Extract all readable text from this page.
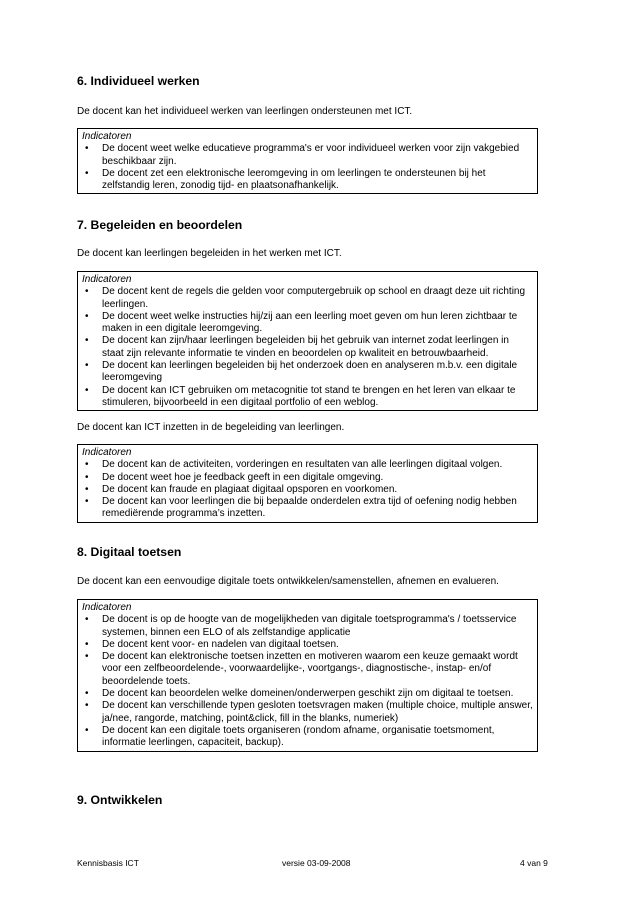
6. Individueel werken

De docent kan het individueel werken van leerlingen ondersteunen met ICT.

Indicatoren

• De docent weet welke educatieve programma's er voor individueel werken voor zijn vakgebied beschikbaar zijn.
• De docent zet een elektronische leeromgeving in om leerlingen te ondersteunen bij het zelfstandig leren, zonodig tijd- en plaatsonafhankelijk.
7. Begeleiden en beoordelen

De docent kan leerlingen begeleiden in het werken met ICT.

Indicatoren

• De docent kent de regels die gelden voor computergebruik op school en draagt deze uit richting leerlingen.
• De docent weet welke instructies hij/zij aan een leerling moet geven om hun leren zichtbaar te maken in een digitale leeromgeving.
• De docent kan zijn/haar leerlingen begeleiden bij het gebruik van internet zodat leerlingen in staat zijn relevante informatie te vinden en beoordelen op kwaliteit en betrouwbaarheid.
• De docent kan leerlingen begeleiden bij het onderzoek doen en analyseren m.b.v. een digitale leeromgeving
• De docent kan ICT gebruiken om metacognitie tot stand te brengen en het leren van elkaar te stimuleren, bijvoorbeeld in een digitaal portfolio of een weblog.

De docent kan ICT inzetten in de begeleiding van leerlingen.

Indicatoren

• De docent kan de activiteiten, vorderingen en resultaten van alle leerlingen digitaal volgen.
• De docent weet hoe je feedback geeft in een digitale omgeving.
• De docent kan fraude en plagiaat digitaal opsporen en voorkomen.
• De docent kan voor leerlingen die bij bepaalde onderdelen extra tijd of oefening nodig hebben remediërende programma’s inzetten.
8. Digitaal toetsen

De docent kan een eenvoudige digitale toets ontwikkelen/samenstellen, afnemen en evalueren.

Indicatoren

• De docent is op de hoogte van de mogelijkheden van digitale toetsprogramma's / toetsservice systemen, binnen een ELO of als zelfstandige applicatie
• De docent kent voor- en nadelen van digitaal toetsen.
• De docent kan elektronische toetsen inzetten en motiveren waarom een keuze gemaakt wordt voor een zelfbeoordelende-, voorwaardelijke-, voortgangs-, diagnostische-, instap- en/of beoordelende toets.
• De docent kan beoordelen welke domeinen/onderwerpen geschikt zijn om digitaal te toetsen.
• De docent kan verschillende typen gesloten toetsvragen maken (multiple choice, multiple answer, ja/nee, rangorde, matching, point&click, fill in the blanks, numeriek)
• De docent kan een digitale toets organiseren (rondom afname, organisatie toetsmoment, informatie leerlingen, capaciteit, backup).
9. Ontwikkelen

Kennisbasis ICT	versie 03-09-2008	4 van 9
